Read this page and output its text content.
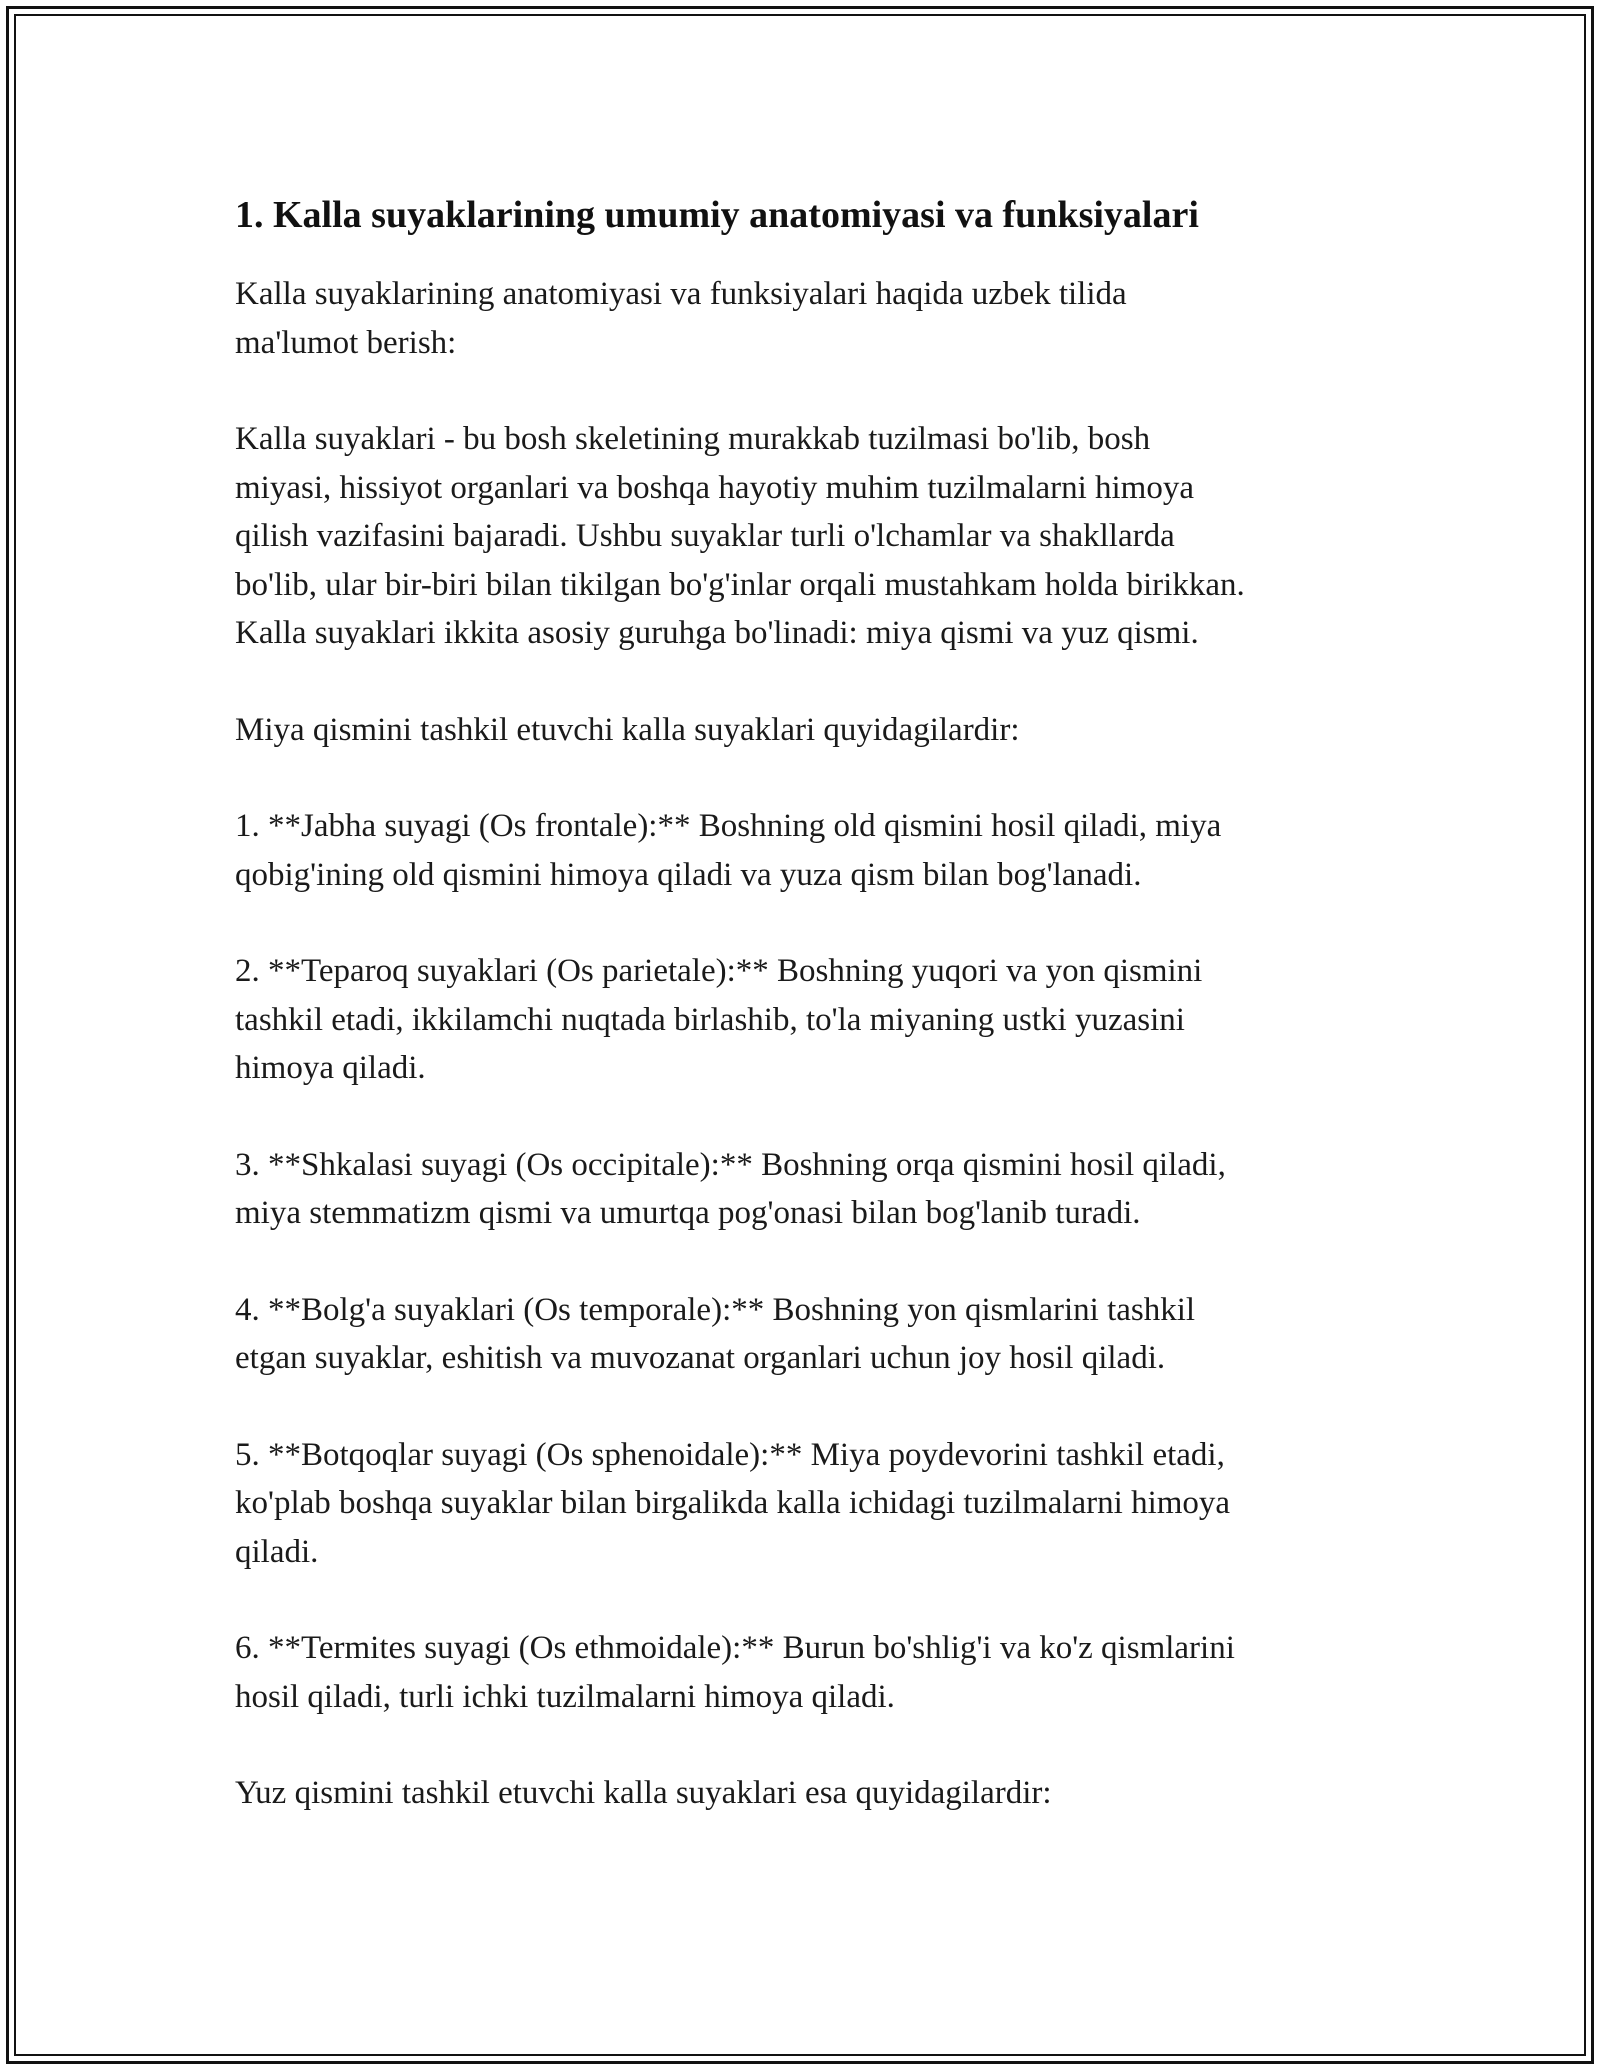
1. Kalla suyaklarining umumiy anatomiyasi va funksiyalari

Kalla suyaklarining anatomiyasi va funksiyalari haqida uzbek tilida
ma'lumot berish:

Kalla suyaklari - bu bosh skeletining murakkab tuzilmasi bo'lib, bosh
miyasi, hissiyot organlari va boshqa hayotiy muhim tuzilmalarni himoya
qilish vazifasini bajaradi. Ushbu suyaklar turli o'lchamlar va shakllarda
bo'lib, ular bir-biri bilan tikilgan bo'g'inlar orqali mustahkam holda birikkan.
Kalla suyaklari ikkita asosiy guruhga bo'linadi: miya qismi va yuz qismi.

Miya qismini tashkil etuvchi kalla suyaklari quyidagilardir:

1. **Jabha suyagi (Os frontale):** Boshning old qismini hosil qiladi, miya
qobig'ining old qismini himoya qiladi va yuza qism bilan bog'lanadi.

2. **Teparoq suyaklari (Os parietale):** Boshning yuqori va yon qismini
tashkil etadi, ikkilamchi nuqtada birlashib, to'la miyaning ustki yuzasini
himoya qiladi.

3. **Shkalasi suyagi (Os occipitale):** Boshning orqa qismini hosil qiladi,
miya stemmatizm qismi va umurtqa pog'onasi bilan bog'lanib turadi.

4. **Bolg'a suyaklari (Os temporale):** Boshning yon qismlarini tashkil
etgan suyaklar, eshitish va muvozanat organlari uchun joy hosil qiladi.

5. **Botqoqlar suyagi (Os sphenoidale):** Miya poydevorini tashkil etadi,
ko'plab boshqa suyaklar bilan birgalikda kalla ichidagi tuzilmalarni himoya
qiladi.

6. **Termites suyagi (Os ethmoidale):** Burun bo'shlig'i va ko'z qismlarini
hosil qiladi, turli ichki tuzilmalarni himoya qiladi.

Yuz qismini tashkil etuvchi kalla suyaklari esa quyidagilardir:
